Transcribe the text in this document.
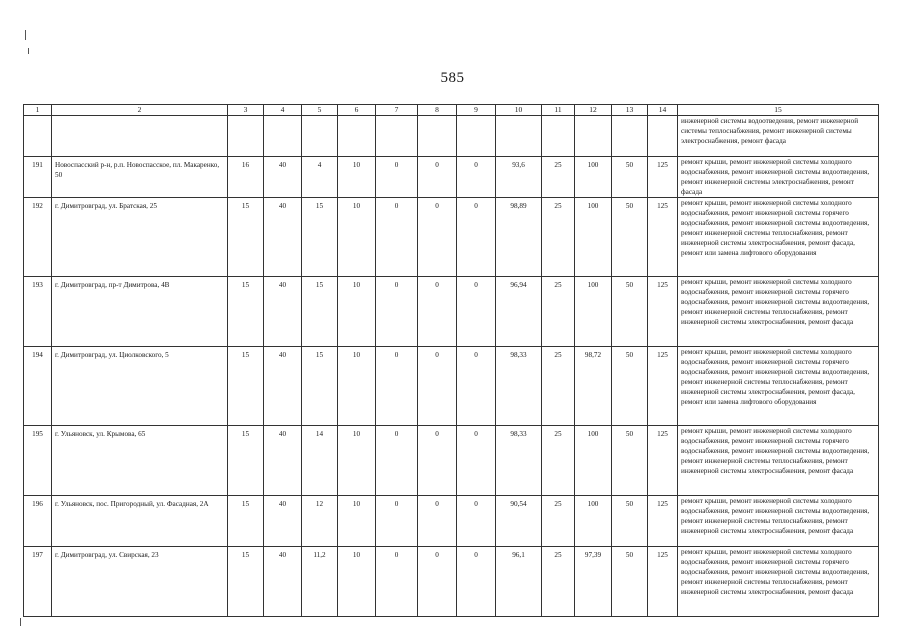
585
1	2	3	4	5	6	7	8	9	10	11	12	13	14	15
														инженерной системы водоотведения, ремонт инженерной системы теплоснабжения, ремонт инженерной системы электроснабжения, ремонт фасада
191	Новоспасский р-н, р.п. Новоспасское, пл. Макаренко, 50	16	40	4	10	0	0	0	93,6	25	100	50	125	ремонт крыши, ремонт инженерной системы холодного водоснабжения, ремонт инженерной системы водоотведения, ремонт инженерной системы электроснабжения, ремонт фасада
192	г. Димитровград, ул. Братская, 25	15	40	15	10	0	0	0	98,89	25	100	50	125	ремонт крыши, ремонт инженерной системы холодного водоснабжения, ремонт инженерной системы горячего водоснабжения, ремонт инженерной системы водоотведения, ремонт инженерной системы теплоснабжения, ремонт инженерной системы электроснабжения, ремонт фасада, ремонт или замена лифтового оборудования
193	г. Димитровград, пр-т Димитрова, 4В	15	40	15	10	0	0	0	96,94	25	100	50	125	ремонт крыши, ремонт инженерной системы холодного водоснабжения, ремонт инженерной системы горячего водоснабжения, ремонт инженерной системы водоотведения, ремонт инженерной системы теплоснабжения, ремонт инженерной системы электроснабжения, ремонт фасада
194	г. Димитровград, ул. Циолковского, 5	15	40	15	10	0	0	0	98,33	25	98,72	50	125	ремонт крыши, ремонт инженерной системы холодного водоснабжения, ремонт инженерной системы горячего водоснабжения, ремонт инженерной системы водоотведения, ремонт инженерной системы теплоснабжения, ремонт инженерной системы электроснабжения, ремонт фасада, ремонт или замена лифтового оборудования
195	г. Ульяновск, ул. Крымова, 65	15	40	14	10	0	0	0	98,33	25	100	50	125	ремонт крыши, ремонт инженерной системы холодного водоснабжения, ремонт инженерной системы горячего водоснабжения, ремонт инженерной системы водоотведения, ремонт инженерной системы теплоснабжения, ремонт инженерной системы электроснабжения, ремонт фасада
196	г. Ульяновск, пос. Пригородный, ул. Фасадная, 2А	15	40	12	10	0	0	0	90,54	25	100	50	125	ремонт крыши, ремонт инженерной системы холодного водоснабжения, ремонт инженерной системы водоотведения, ремонт инженерной системы теплоснабжения, ремонт инженерной системы электроснабжения, ремонт фасада
197	г. Димитровград, ул. Свирская, 23	15	40	11,2	10	0	0	0	96,1	25	97,39	50	125	ремонт крыши, ремонт инженерной системы холодного водоснабжения, ремонт инженерной системы горячего водоснабжения, ремонт инженерной системы водоотведения, ремонт инженерной системы теплоснабжения, ремонт инженерной системы электроснабжения, ремонт фасада
